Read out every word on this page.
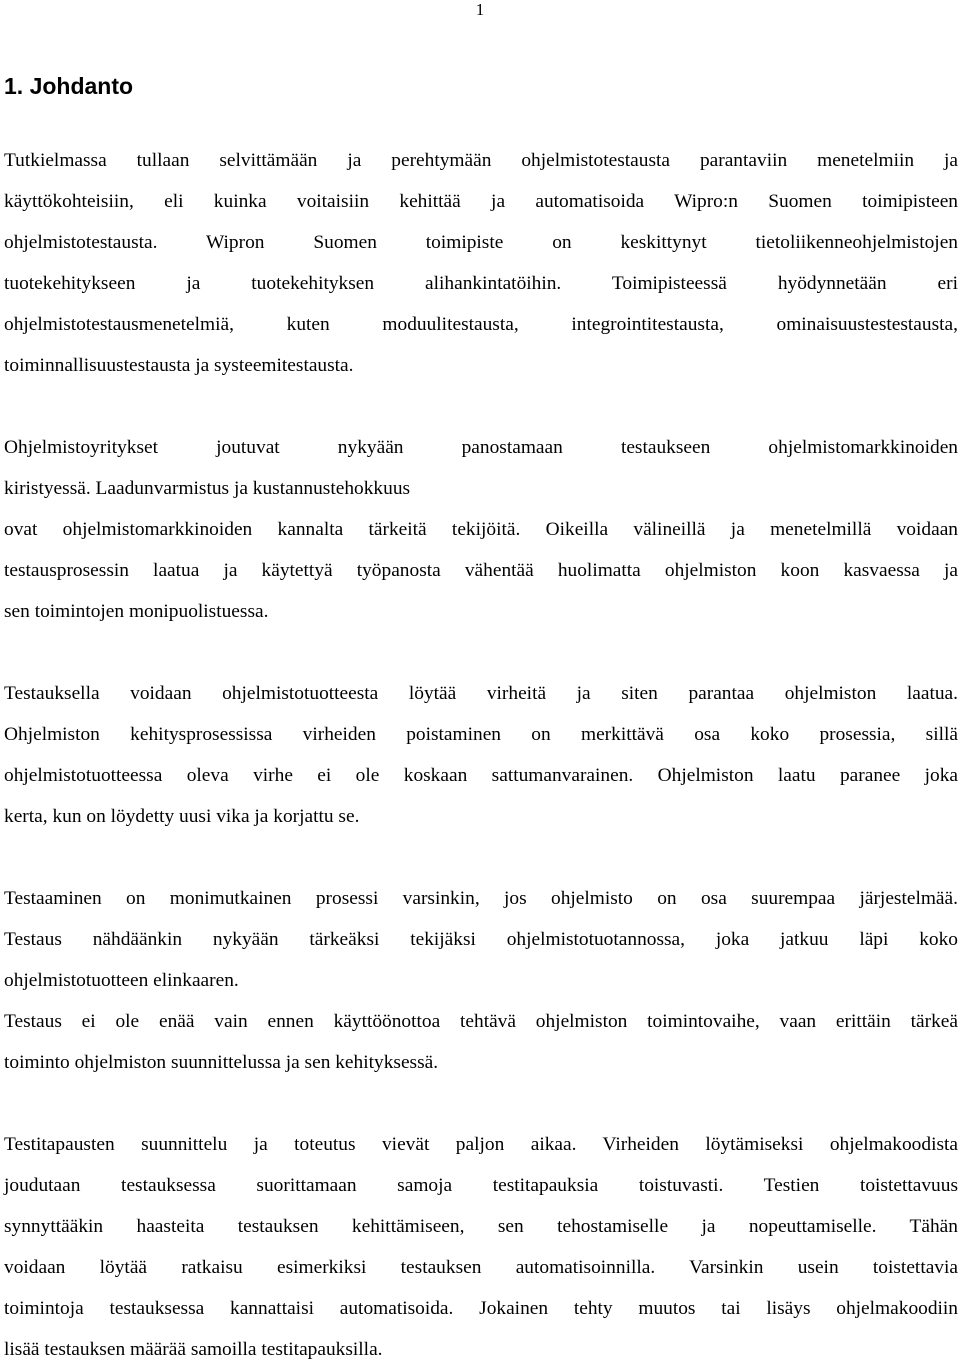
1
1. Johdanto

Tutkielmassa tullaan selvittämään ja perehtymään ohjelmistotestausta parantaviin menetelmiin ja
käyttökohteisiin, eli kuinka voitaisiin kehittää ja automatisoida Wipro:n Suomen toimipisteen
ohjelmistotestausta. Wipron Suomen toimipiste on keskittynyt tietoliikenneohjelmistojen
tuotekehitykseen ja tuotekehityksen alihankintatöihin. Toimipisteessä hyödynnetään eri
ohjelmistotestausmenetelmiä, kuten moduulitestausta, integrointitestausta, ominaisuustestestausta,
toiminnallisuustestausta ja systeemitestausta.

Ohjelmistoyritykset joutuvat nykyään panostamaan testaukseen ohjelmistomarkkinoiden
kiristyessä. Laadunvarmistus ja kustannustehokkuus
ovat ohjelmistomarkkinoiden kannalta tärkeitä tekijöitä. Oikeilla välineillä ja menetelmillä voidaan
testausprosessin laatua ja käytettyä työpanosta vähentää huolimatta ohjelmiston koon kasvaessa ja
sen toimintojen monipuolistuessa.

Testauksella voidaan ohjelmistotuotteesta löytää virheitä ja siten parantaa ohjelmiston laatua.
Ohjelmiston kehitysprosessissa virheiden poistaminen on merkittävä osa koko prosessia, sillä
ohjelmistotuotteessa oleva virhe ei ole koskaan sattumanvarainen. Ohjelmiston laatu paranee joka
kerta, kun on löydetty uusi vika ja korjattu se.

Testaaminen on monimutkainen prosessi varsinkin, jos ohjelmisto on osa suurempaa järjestelmää.
Testaus nähdäänkin nykyään tärkeäksi tekijäksi ohjelmistotuotannossa, joka jatkuu läpi koko
ohjelmistotuotteen elinkaaren.
Testaus ei ole enää vain ennen käyttöönottoa tehtävä ohjelmiston toimintovaihe, vaan erittäin tärkeä
toiminto ohjelmiston suunnittelussa ja sen kehityksessä.

Testitapausten suunnittelu ja toteutus vievät paljon aikaa. Virheiden löytämiseksi ohjelmakoodista
joudutaan testauksessa suorittamaan samoja testitapauksia toistuvasti. Testien toistettavuus
synnyttääkin haasteita testauksen kehittämiseen, sen tehostamiselle ja nopeuttamiselle. Tähän
voidaan löytää ratkaisu esimerkiksi testauksen automatisoinnilla. Varsinkin usein toistettavia
toimintoja testauksessa kannattaisi automatisoida. Jokainen tehty muutos tai lisäys ohjelmakoodiin
lisää testauksen määrää samoilla testitapauksilla.
